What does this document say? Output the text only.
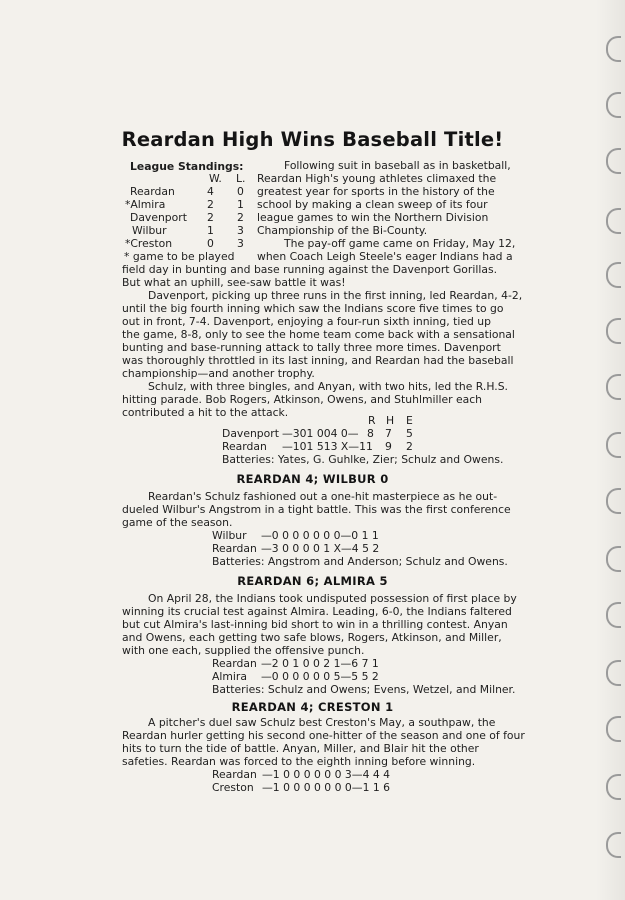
Reardan High Wins Baseball Title!
League Standings:
W. L.
Reardan	4 0
*Almira	2 1
Davenport 2 2
Wilbur	1 3
*Creston	0 3
* game to be played
Following suit in baseball as in basketball,
Reardan High's young athletes climaxed the
greatest year for sports in the history of the
school by making a clean sweep of its four
league games to win the Northern Division
Championship of the Bi-County.
The pay-off game came on Friday, May 12,
when Coach Leigh Steele's eager Indians had a
field day in bunting and base running against the Davenport Gorillas.
But what an uphill, see-saw battle it was!
Davenport, picking up three runs in the first inning, led Reardan, 4-2,
until the big fourth inning which saw the Indians score five times to go
out in front, 7-4. Davenport, enjoying a four-run sixth inning, tied up
the game, 8-8, only to see the home team come back with a sensational
bunting and base-running attack to tally three more times. Davenport
was thoroughly throttled in its last inning, and Reardan had the baseball
championship—and another trophy.
Schulz, with three bingles, and Anyan, with two hits, led the R.H.S.
hitting parade. Bob Rogers, Atkinson, Owens, and Stuhlmiller each
contributed a hit to the attack.
R H E
Davenport —301 004 0— 8 7 5
Reardan —101 513 X—11 9 2
Batteries: Yates, G. Guhlke, Zier; Schulz and Owens.
REARDAN 4; WILBUR 0
Reardan's Schulz fashioned out a one-hit masterpiece as he out-
dueled Wilbur's Angstrom in a tight battle. This was the first conference
game of the season.
Wilbur —0 0 0 0 0 0 0—0 1 1
Reardan —3 0 0 0 0 1 X—4 5 2
Batteries: Angstrom and Anderson; Schulz and Owens.
REARDAN 6; ALMIRA 5
On April 28, the Indians took undisputed possession of first place by
winning its crucial test against Almira. Leading, 6-0, the Indians faltered
but cut Almira's last-inning bid short to win in a thrilling contest. Anyan
and Owens, each getting two safe blows, Rogers, Atkinson, and Miller,
with one each, supplied the offensive punch.
Reardan —2 0 1 0 0 2 1—6 7 1
Almira —0 0 0 0 0 0 5—5 5 2
Batteries: Schulz and Owens; Evens, Wetzel, and Milner.
REARDAN 4; CRESTON 1
A pitcher's duel saw Schulz best Creston's May, a southpaw, the
Reardan hurler getting his second one-hitter of the season and one of four
hits to turn the tide of battle. Anyan, Miller, and Blair hit the other
safeties. Reardan was forced to the eighth inning before winning.
Reardan —1 0 0 0 0 0 0 3—4 4 4
Creston —1 0 0 0 0 0 0 0—1 1 6
